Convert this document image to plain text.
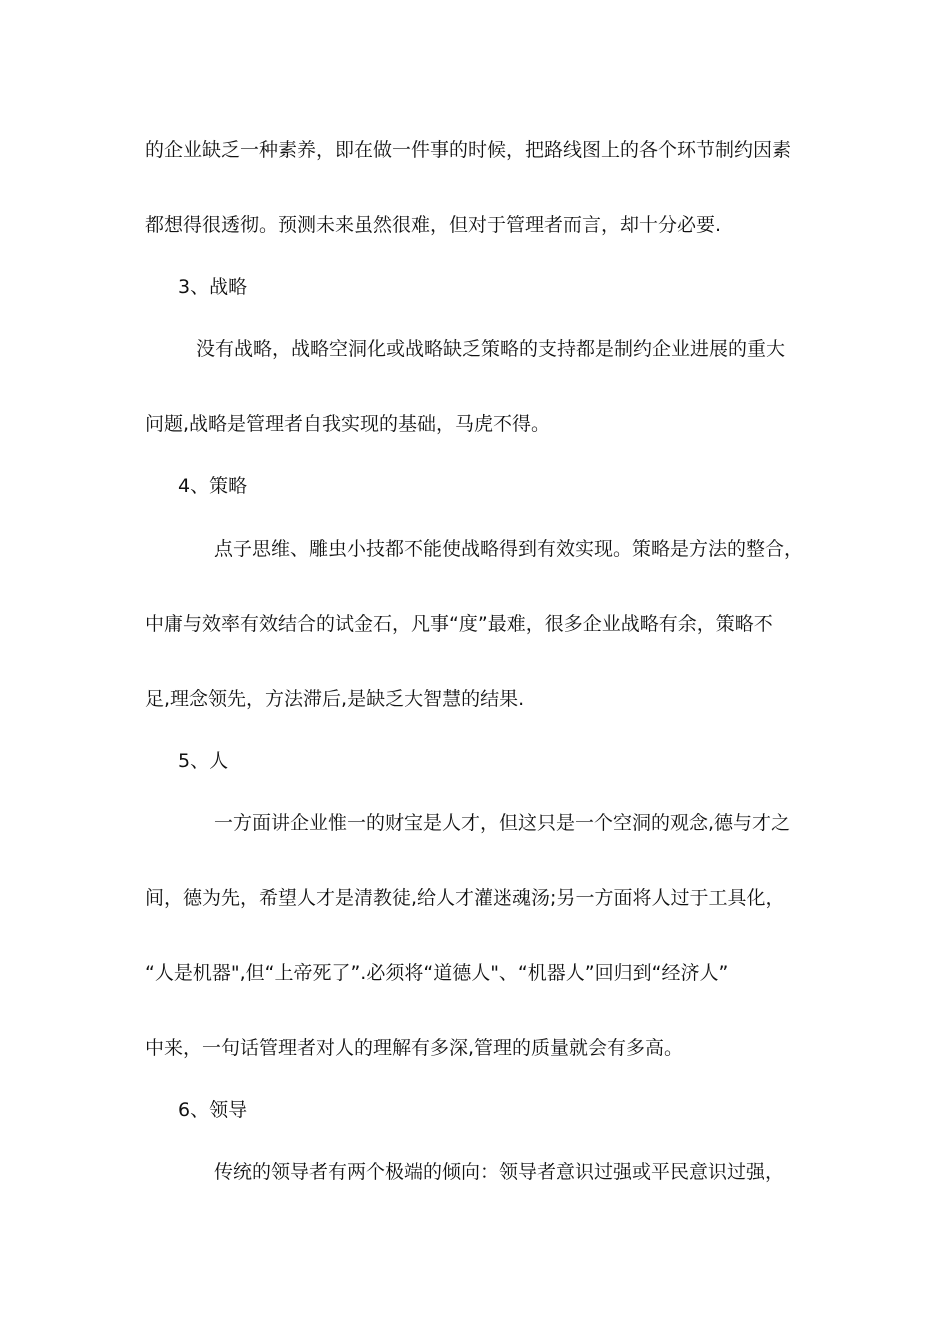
的企业缺乏一种素养，即在做一件事的时候，把路线图上的各个环节制约因素
都想得很透彻。预测未来虽然很难，但对于管理者而言，却十分必要.
3、战略
没有战略，战略空洞化或战略缺乏策略的支持都是制约企业进展的重大
问题,战略是管理者自我实现的基础，马虎不得。
4、策略
点子思维、雕虫小技都不能使战略得到有效实现。策略是方法的整合，
中庸与效率有效结合的试金石，凡事“度”最难，很多企业战略有余，策略不
足,理念领先，方法滞后,是缺乏大智慧的结果.
5、人
一方面讲企业惟一的财宝是人才，但这只是一个空洞的观念,德与才之
间，德为先，希望人才是清教徒,给人才灌迷魂汤;另一方面将人过于工具化，
“人是机器",但“上帝死了”.必须将“道德人"、“机器人”回归到“经济人”
中来，一句话管理者对人的理解有多深,管理的质量就会有多高。
6、领导
传统的领导者有两个极端的倾向：领导者意识过强或平民意识过强，
